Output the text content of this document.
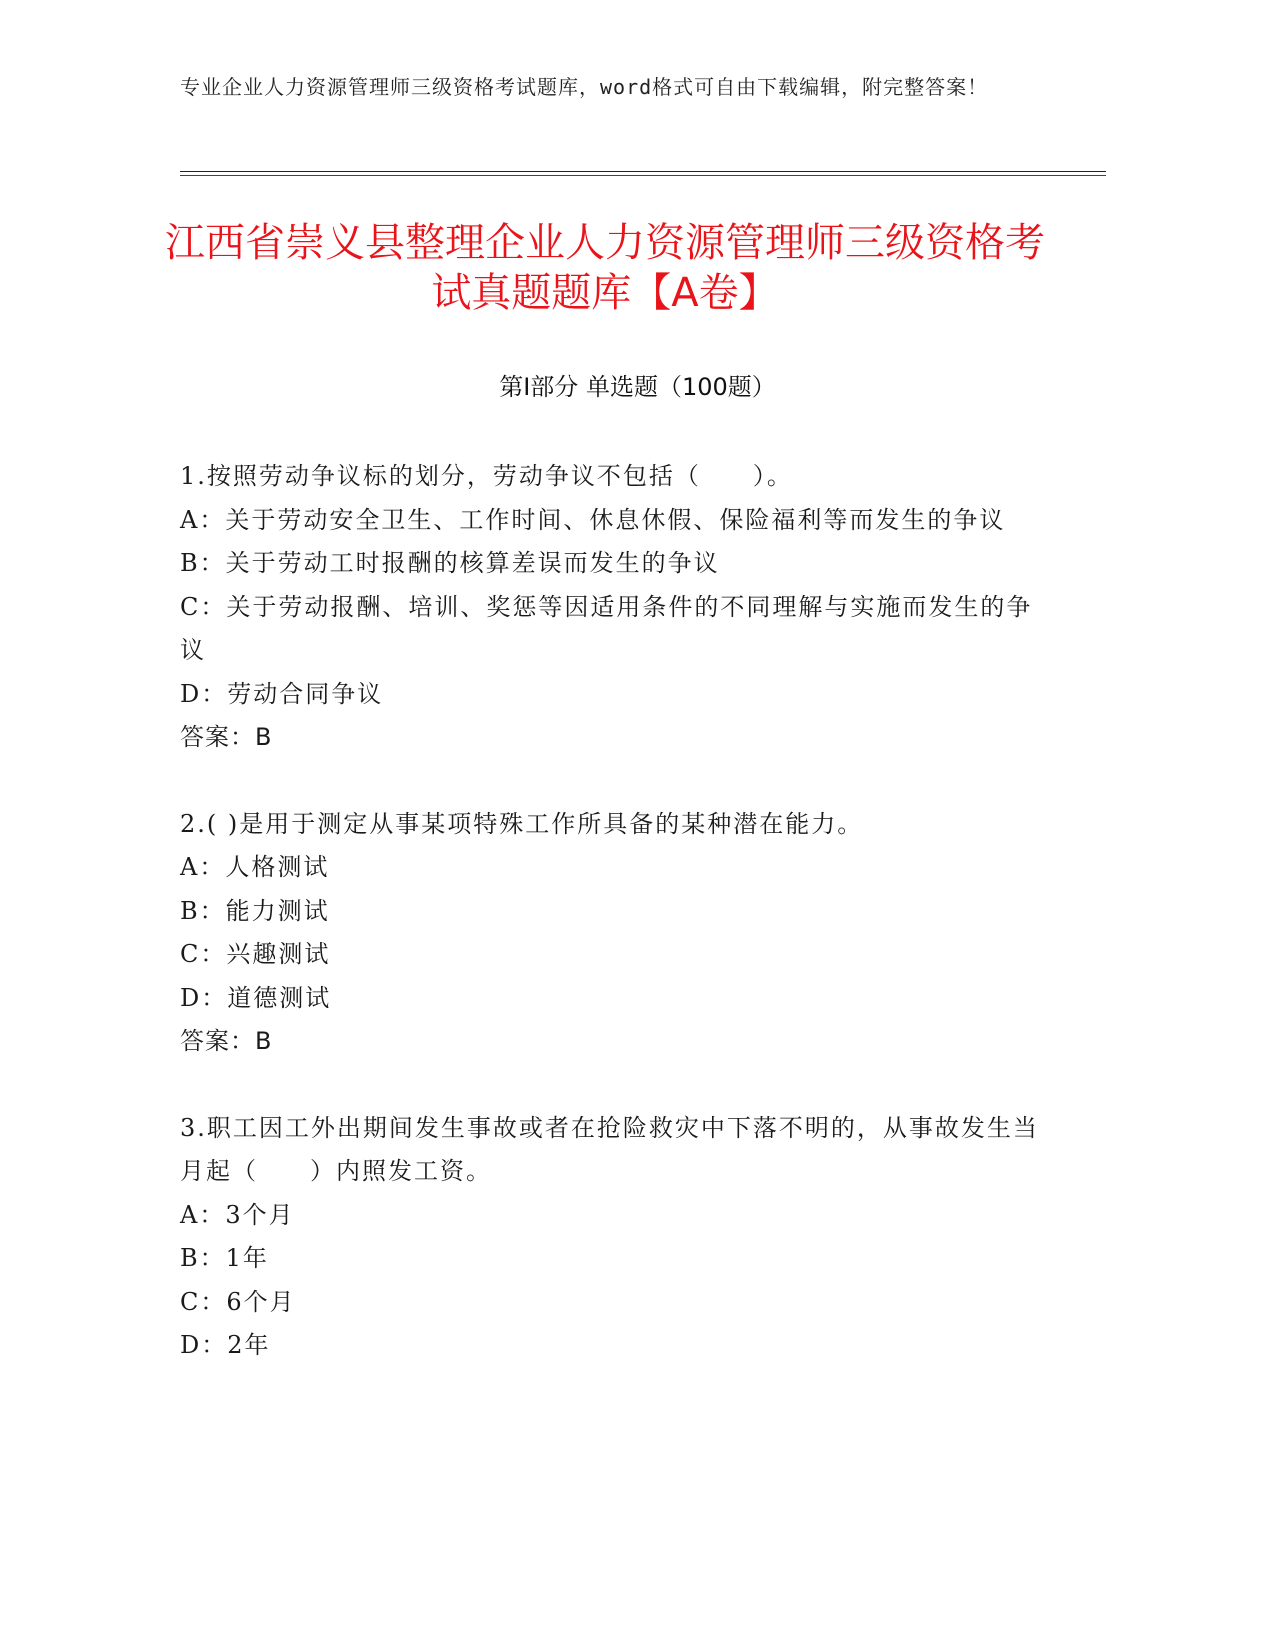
专业企业人力资源管理师三级资格考试题库，word格式可自由下载编辑，附完整答案！
江西省崇义县整理企业人力资源管理师三级资格考试真题题库【A卷】
第I部分 单选题（100题）

1.按照劳动争议标的划分，劳动争议不包括（　　）。

A：关于劳动安全卫生、工作时间、休息休假、保险福利等而发生的争议

B：关于劳动工时报酬的核算差误而发生的争议

C：关于劳动报酬、培训、奖惩等因适用条件的不同理解与实施而发生的争议

D：劳动合同争议

答案：B

2.( )是用于测定从事某项特殊工作所具备的某种潜在能力。

A：人格测试

B：能力测试

C：兴趣测试

D：道德测试

答案：B

3.职工因工外出期间发生事故或者在抢险救灾中下落不明的，从事故发生当月起（　　）内照发工资。

A：3个月

B：1年

C：6个月

D：2年
